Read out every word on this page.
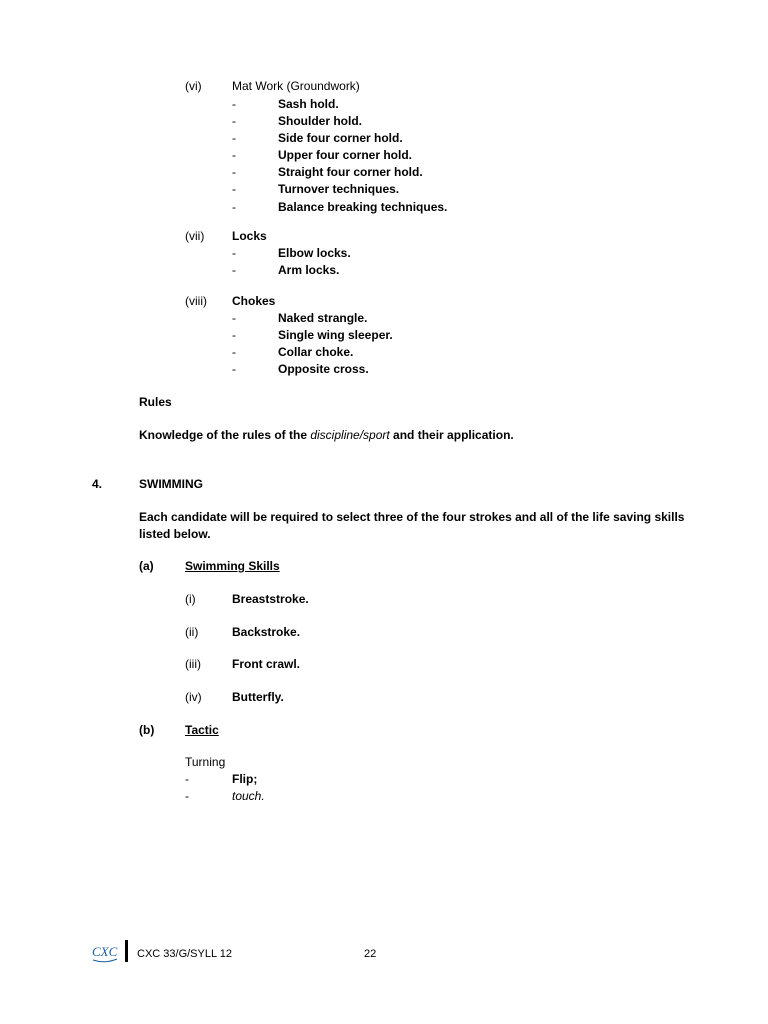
(vi)	Mat Work (Groundwork)
-	Sash hold.
-	Shoulder hold.
-	Side four corner hold.
-	Upper four corner hold.
-	Straight four corner hold.
-	Turnover techniques.
-	Balance breaking techniques.
(vii) Locks
-	Elbow locks.
-	Arm locks.
(viii) Chokes
-	Naked strangle.
-	Single wing sleeper.
-	Collar choke.
-	Opposite cross.
Rules
Knowledge of the rules of the discipline/sport and their application.
4.	SWIMMING
Each candidate will be required to select three of the four strokes and all of the life saving skills
listed below.
(a)	Swimming Skills
(i)	Breaststroke.
(ii)	Backstroke.
(iii)	Front crawl.
(iv)	Butterfly.
(b)	Tactic
Turning
-	Flip;
-	touch.
CXC CXC 33/G/SYLL 12	22
